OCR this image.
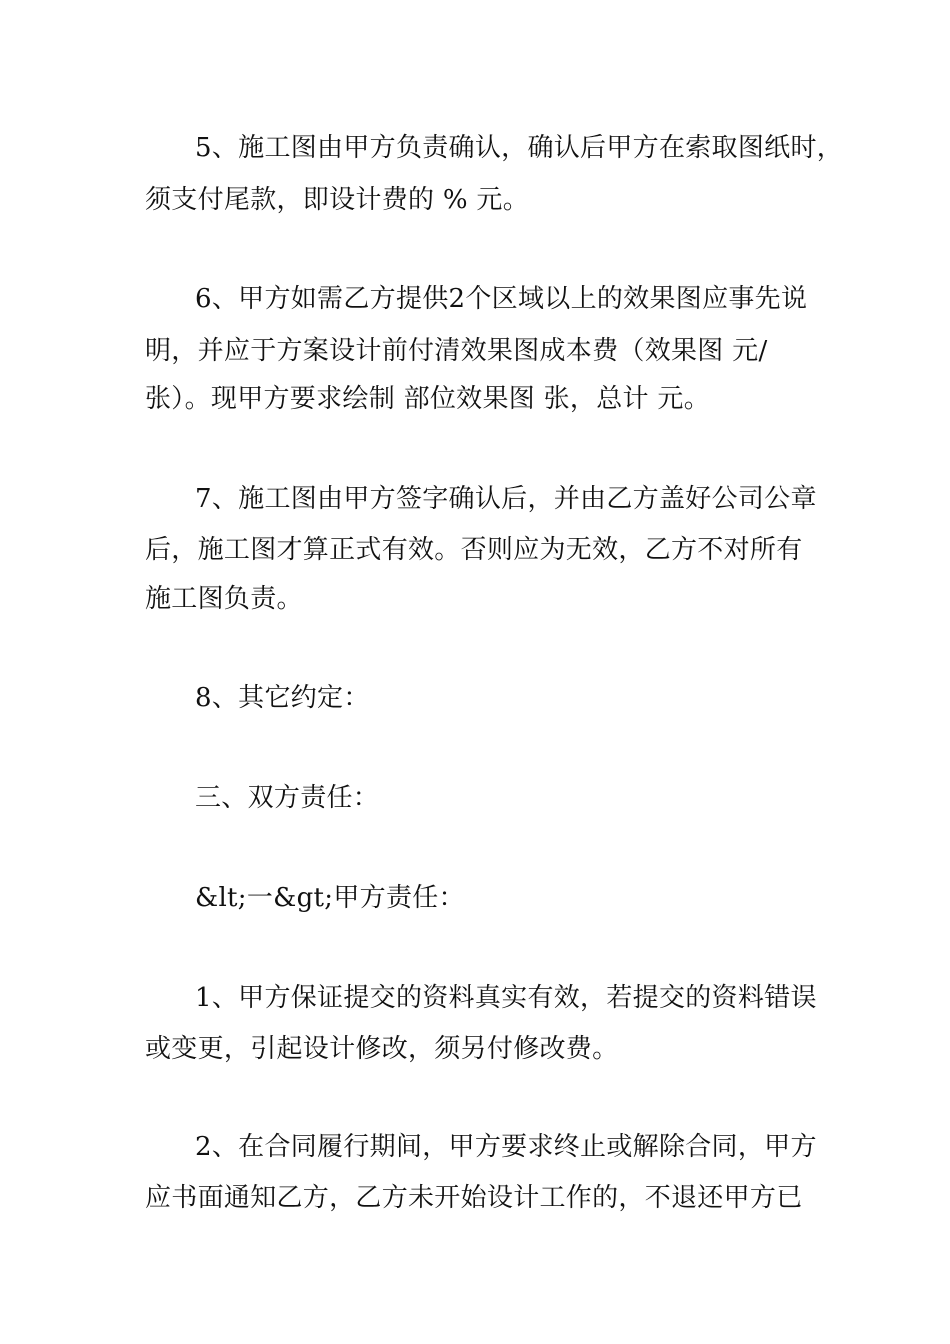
5、施工图由甲方负责确认，确认后甲方在索取图纸时，
须支付尾款，即设计费的 % 元。
6、甲方如需乙方提供2个区域以上的效果图应事先说
明，并应于方案设计前付清效果图成本费（效果图 元/
张）。现甲方要求绘制 部位效果图 张，总计 元。
7、施工图由甲方签字确认后，并由乙方盖好公司公章
后，施工图才算正式有效。否则应为无效，乙方不对所有
施工图负责。
8、其它约定：
三、双方责任：
&lt;一&gt;甲方责任：
1、甲方保证提交的资料真实有效，若提交的资料错误
或变更，引起设计修改，须另付修改费。
2、在合同履行期间，甲方要求终止或解除合同，甲方
应书面通知乙方，乙方未开始设计工作的，不退还甲方已
